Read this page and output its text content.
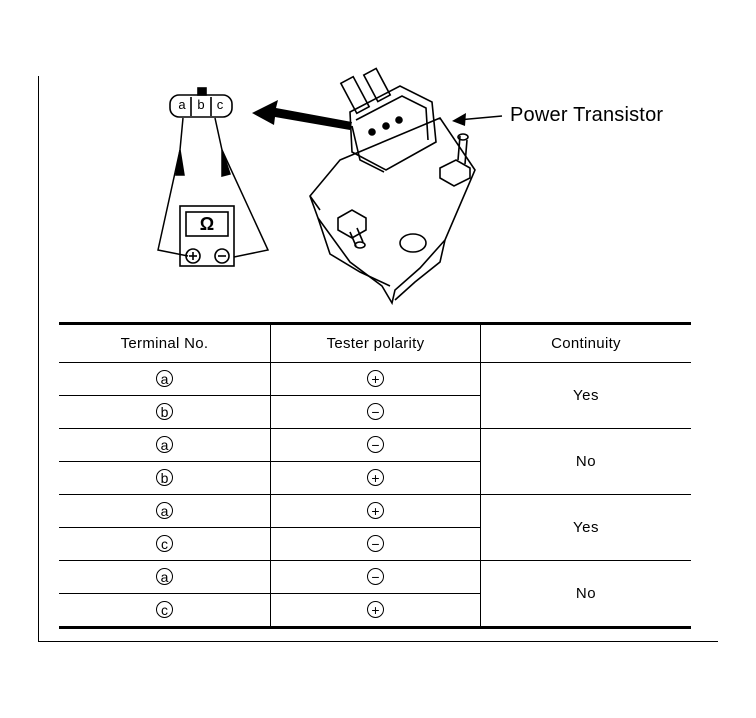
a b c
Ω
Power Transistor
Terminal No.	Tester polarity	Continuity
a	+	Yes
b	−	
a	−	No
b	+	
a	+	Yes
c	−	
a	−	No
c	+	
